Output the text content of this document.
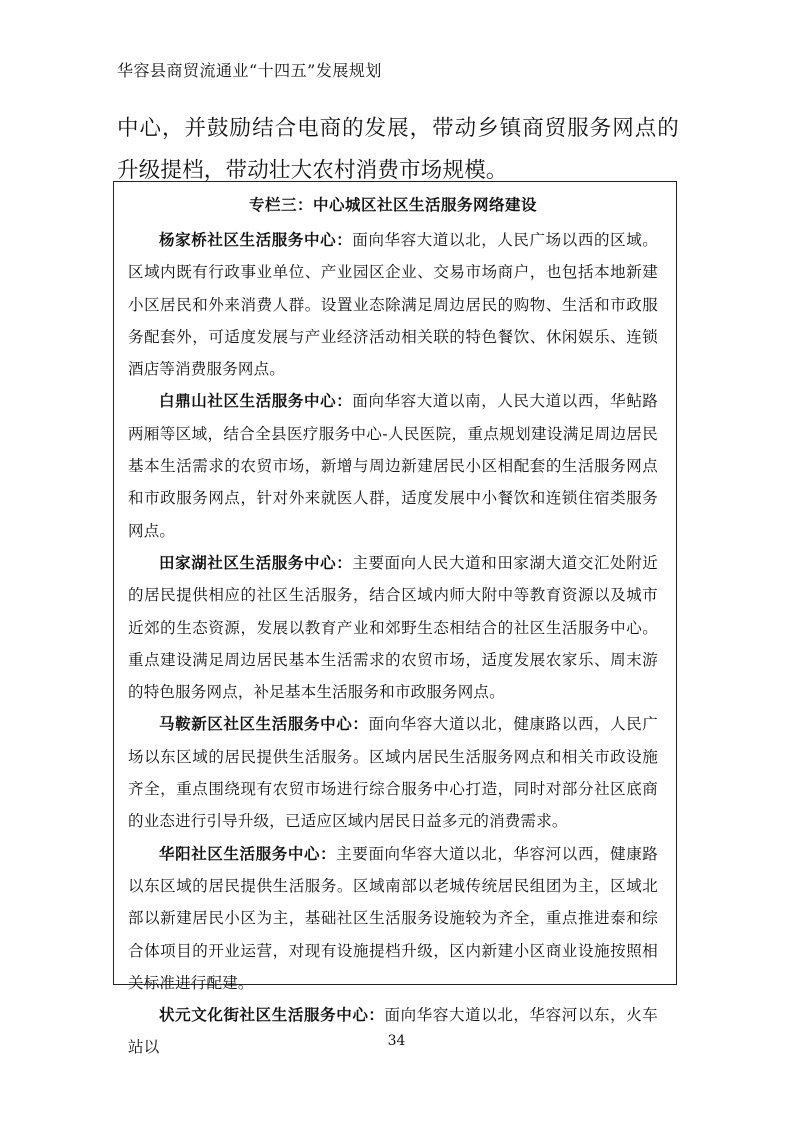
华容县商贸流通业“十四五”发展规划
中心，并鼓励结合电商的发展，带动乡镇商贸服务网点的升级提档，带动壮大农村消费市场规模。
专栏三：中心城区社区生活服务网络建设

杨家桥社区生活服务中心：面向华容大道以北，人民广场以西的区域。区域内既有行政事业单位、产业园区企业、交易市场商户，也包括本地新建小区居民和外来消费人群。设置业态除满足周边居民的购物、生活和市政服务配套外，可适度发展与产业经济活动相关联的特色餐饮、休闲娱乐、连锁酒店等消费服务网点。

白鼎山社区生活服务中心：面向华容大道以南，人民大道以西，华鲇路两厢等区域，结合全县医疗服务中心-人民医院，重点规划建设满足周边居民基本生活需求的农贸市场，新增与周边新建居民小区相配套的生活服务网点和市政服务网点，针对外来就医人群，适度发展中小餐饮和连锁住宿类服务网点。

田家湖社区生活服务中心：主要面向人民大道和田家湖大道交汇处附近的居民提供相应的社区生活服务，结合区域内师大附中等教育资源以及城市近郊的生态资源，发展以教育产业和郊野生态相结合的社区生活服务中心。重点建设满足周边居民基本生活需求的农贸市场，适度发展农家乐、周末游的特色服务网点，补足基本生活服务和市政服务网点。

马鞍新区社区生活服务中心：面向华容大道以北，健康路以西，人民广场以东区域的居民提供生活服务。区域内居民生活服务网点和相关市政设施齐全，重点围绕现有农贸市场进行综合服务中心打造，同时对部分社区底商的业态进行引导升级，已适应区域内居民日益多元的消费需求。

华阳社区生活服务中心：主要面向华容大道以北，华容河以西，健康路以东区域的居民提供生活服务。区域南部以老城传统居民组团为主，区域北部以新建居民小区为主，基础社区生活服务设施较为齐全，重点推进泰和综合体项目的开业运营，对现有设施提档升级，区内新建小区商业设施按照相关标准进行配建。

状元文化街社区生活服务中心：面向华容大道以北，华容河以东，火车站以	34
